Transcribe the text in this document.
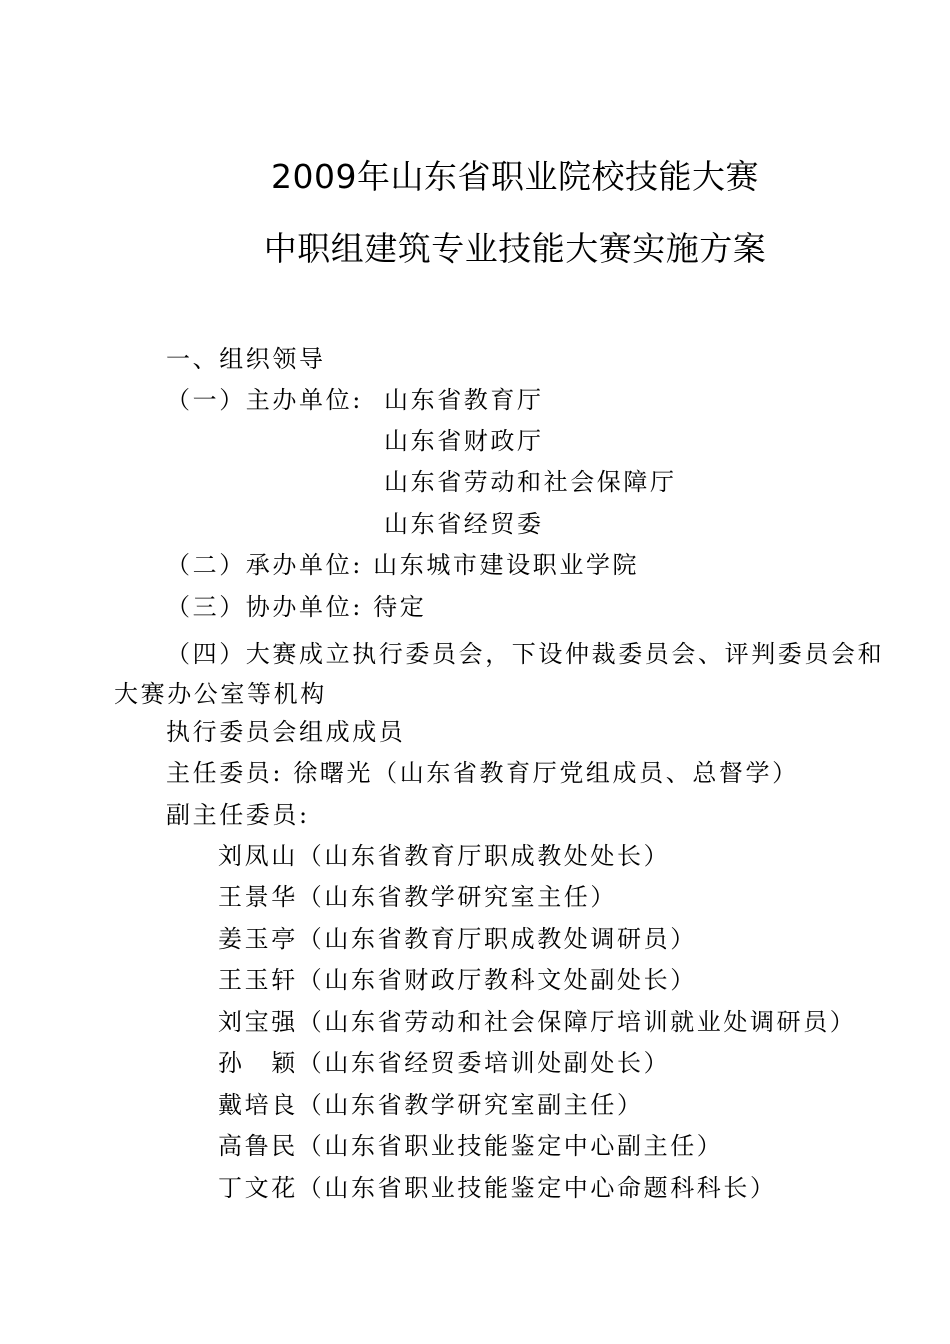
2009年山东省职业院校技能大赛
中职组建筑专业技能大赛实施方案
一、组织领导
（一）主办单位: 山东省教育厅
山东省财政厅
山东省劳动和社会保障厅
山东省经贸委
（二）承办单位: 山东城市建设职业学院
（三）协办单位: 待定
（四）大赛成立执行委员会，下设仲裁委员会、评判委员会和
大赛办公室等机构
执行委员会组成成员
主任委员: 徐曙光（山东省教育厅党组成员、总督学）
副主任委员:
刘凤山（山东省教育厅职成教处处长）
王景华（山东省教学研究室主任）
姜玉亭（山东省教育厅职成教处调研员）
王玉轩（山东省财政厅教科文处副处长）
刘宝强（山东省劳动和社会保障厅培训就业处调研员）
孙　颖（山东省经贸委培训处副处长）
戴培良（山东省教学研究室副主任）
高鲁民（山东省职业技能鉴定中心副主任）
丁文花（山东省职业技能鉴定中心命题科科长）
